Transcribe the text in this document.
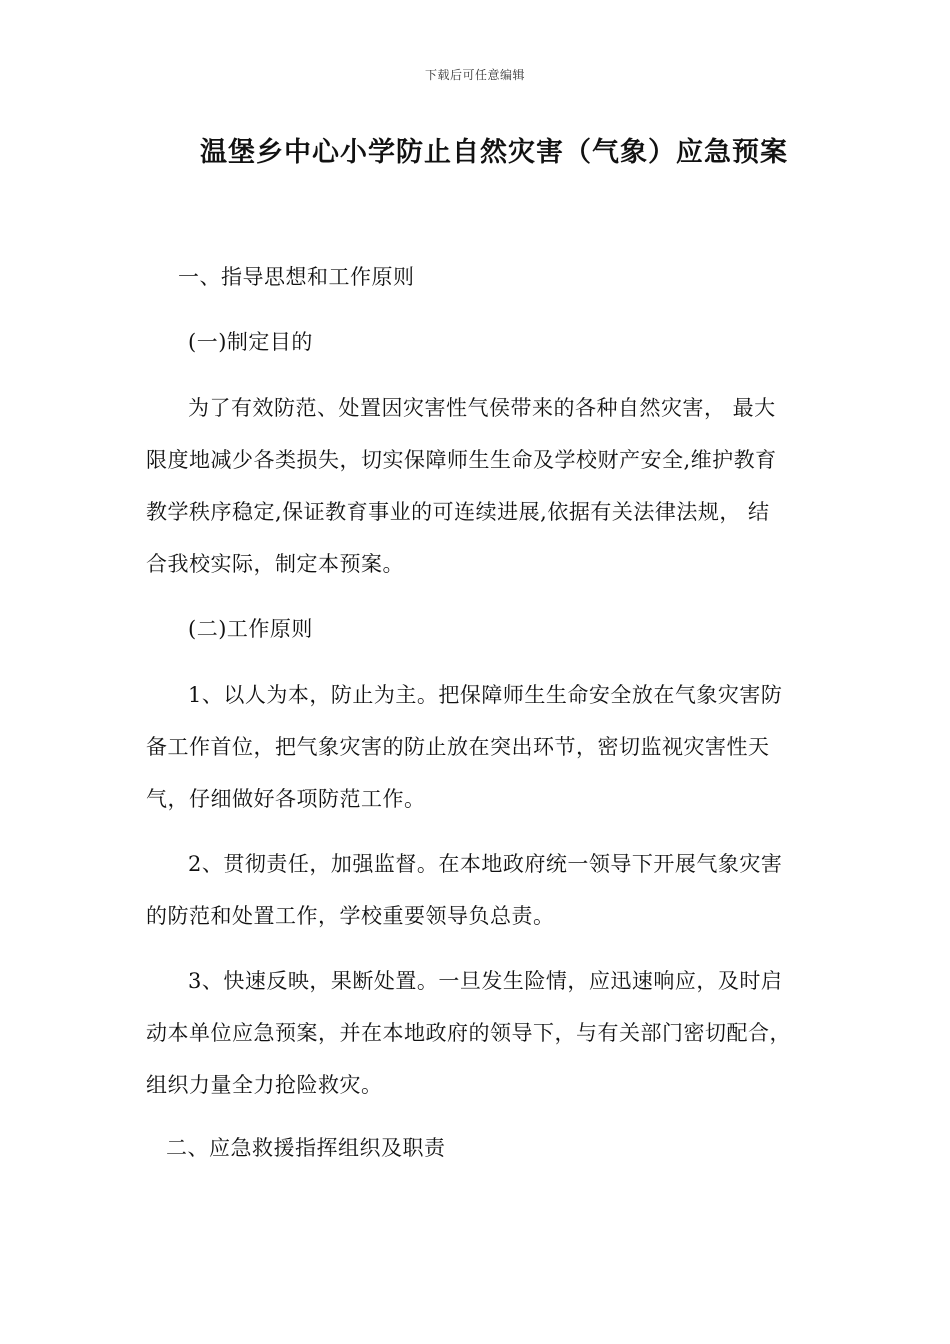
下载后可任意编辑
温堡乡中心小学防止自然灾害（气象）应急预案
一、指导思想和工作原则
(一)制定目的
为了有效防范、处置因灾害性气侯带来的各种自然灾害， 最大
限度地减少各类损失，切实保障师生生命及学校财产安全,维护教育
教学秩序稳定,保证教育事业的可连续进展,依据有关法律法规， 结
合我校实际，制定本预案。
(二)工作原则
1、以人为本，防止为主。把保障师生生命安全放在气象灾害防
备工作首位，把气象灾害的防止放在突出环节，密切监视灾害性天
气，仔细做好各项防范工作。
2、贯彻责任，加强监督。在本地政府统一领导下开展气象灾害
的防范和处置工作，学校重要领导负总责。
3、快速反映，果断处置。一旦发生险情，应迅速响应，及时启
动本单位应急预案，并在本地政府的领导下，与有关部门密切配合，
组织力量全力抢险救灾。
二、应急救援指挥组织及职责
